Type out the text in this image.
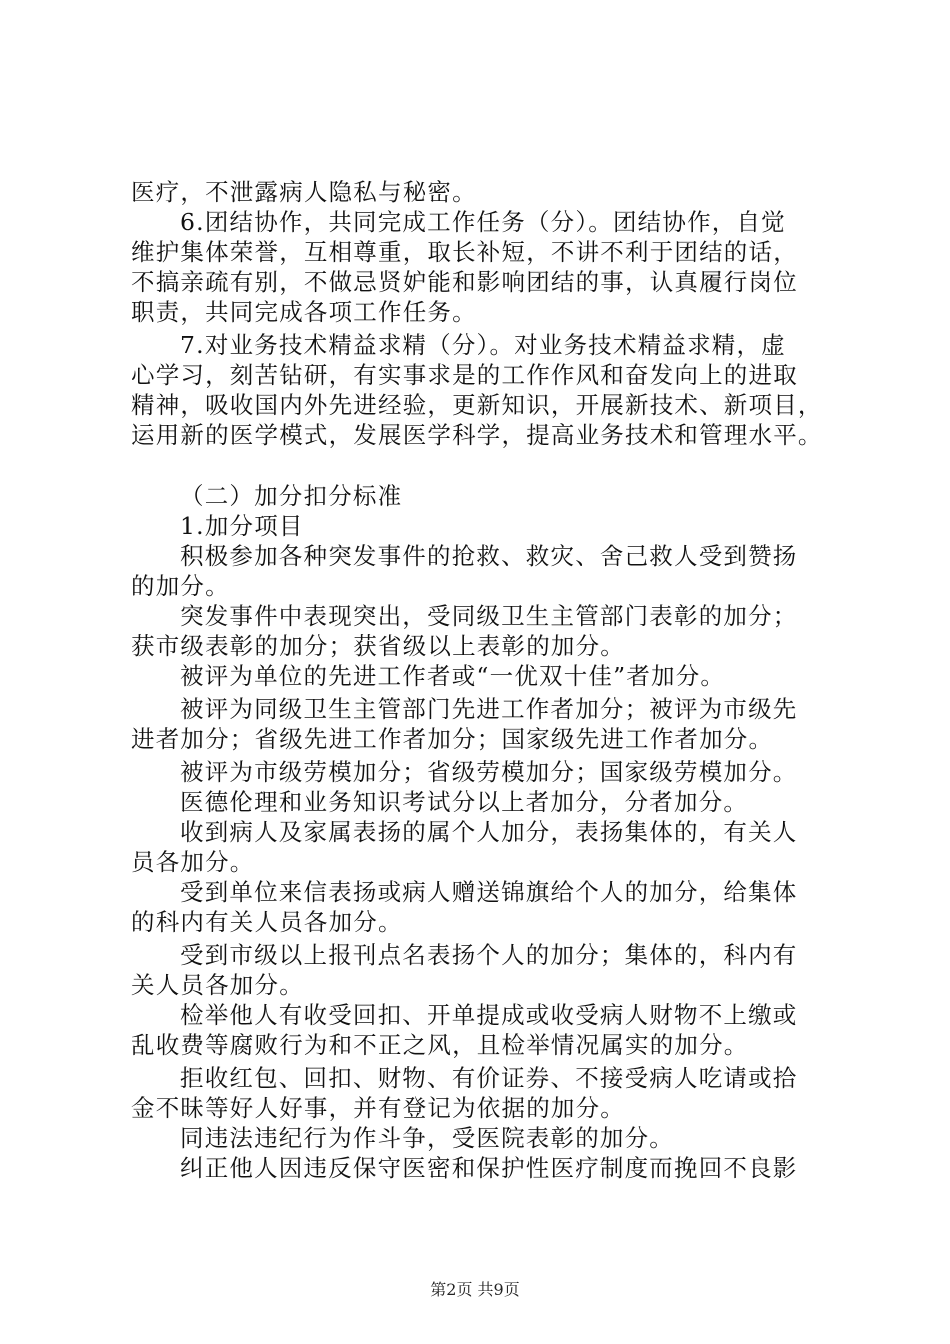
医疗，不泄露病人隐私与秘密。
6.团结协作，共同完成工作任务（分）。团结协作，自觉
维护集体荣誉，互相尊重，取长补短，不讲不利于团结的话，
不搞亲疏有别，不做忌贤妒能和影响团结的事，认真履行岗位
职责，共同完成各项工作任务。
7.对业务技术精益求精（分）。对业务技术精益求精，虚
心学习，刻苦钻研，有实事求是的工作作风和奋发向上的进取
精神，吸收国内外先进经验，更新知识，开展新技术、新项目，
运用新的医学模式，发展医学科学，提高业务技术和管理水平。
（二）加分扣分标准
1.加分项目
积极参加各种突发事件的抢救、救灾、舍己救人受到赞扬
的加分。
突发事件中表现突出，受同级卫生主管部门表彰的加分；
获市级表彰的加分；获省级以上表彰的加分。
被评为单位的先进工作者或“一优双十佳”者加分。
被评为同级卫生主管部门先进工作者加分；被评为市级先
进者加分；省级先进工作者加分；国家级先进工作者加分。
被评为市级劳模加分；省级劳模加分；国家级劳模加分。
医德伦理和业务知识考试分以上者加分，分者加分。
收到病人及家属表扬的属个人加分，表扬集体的，有关人
员各加分。
受到单位来信表扬或病人赠送锦旗给个人的加分，给集体
的科内有关人员各加分。
受到市级以上报刊点名表扬个人的加分；集体的，科内有
关人员各加分。
检举他人有收受回扣、开单提成或收受病人财物不上缴或
乱收费等腐败行为和不正之风，且检举情况属实的加分。
拒收红包、回扣、财物、有价证券、不接受病人吃请或拾
金不昧等好人好事，并有登记为依据的加分。
同违法违纪行为作斗争，受医院表彰的加分。
纠正他人因违反保守医密和保护性医疗制度而挽回不良影
第2页 共9页
